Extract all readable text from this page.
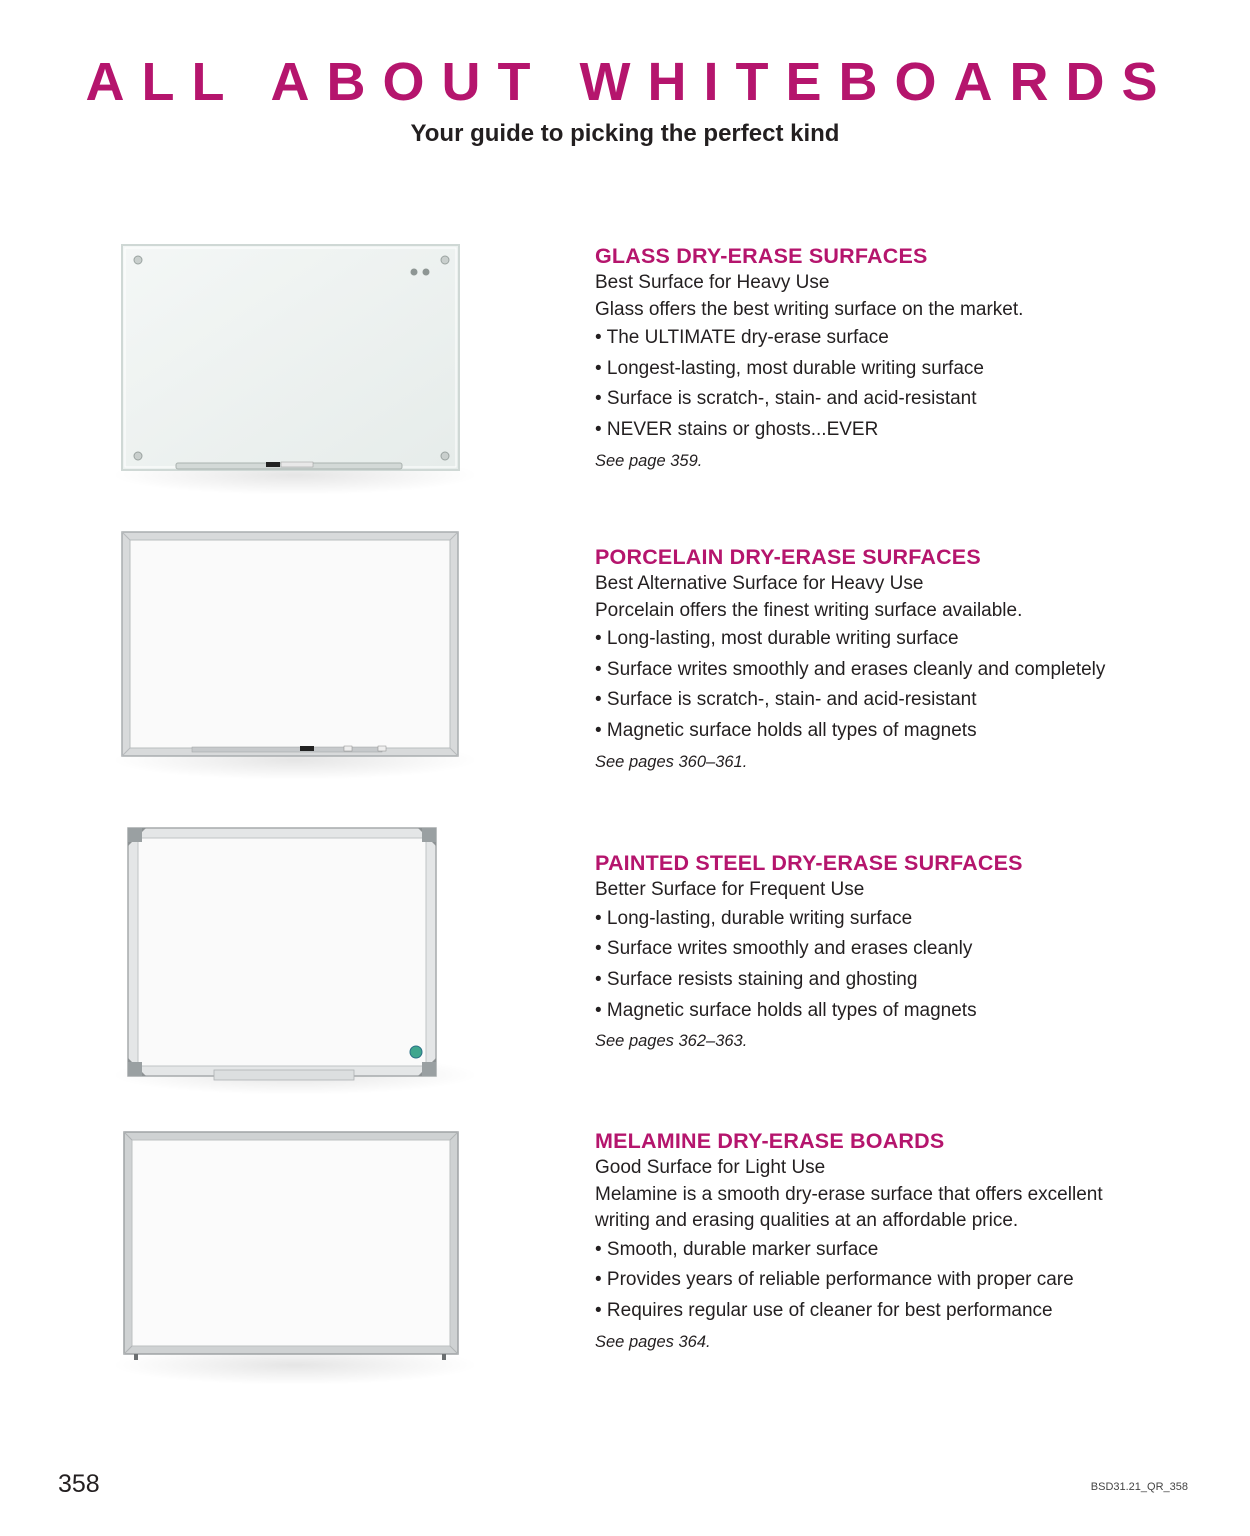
ALL ABOUT WHITEBOARDS
Your guide to picking the perfect kind
GLASS DRY-ERASE SURFACES
Best Surface for Heavy Use
Glass offers the best writing surface on the market.
• The ULTIMATE dry-erase surface
• Longest-lasting, most durable writing surface
• Surface is scratch-, stain- and acid-resistant
• NEVER stains or ghosts...EVER
See page 359.
PORCELAIN DRY-ERASE SURFACES
Best Alternative Surface for Heavy Use
Porcelain offers the finest writing surface available.
• Long-lasting, most durable writing surface
• Surface writes smoothly and erases cleanly and completely
• Surface is scratch-, stain- and acid-resistant
• Magnetic surface holds all types of magnets
See pages 360–361.
PAINTED STEEL DRY-ERASE SURFACES
Better Surface for Frequent Use
• Long-lasting, durable writing surface
• Surface writes smoothly and erases cleanly
• Surface resists staining and ghosting
• Magnetic surface holds all types of magnets
See pages 362–363.
MELAMINE DRY-ERASE BOARDS
Good Surface for Light Use
Melamine is a smooth dry-erase surface that offers excellent
writing and erasing qualities at an affordable price.
• Smooth, durable marker surface
• Provides years of reliable performance with proper care
• Requires regular use of cleaner for best performance
See pages 364.
358	BSD31.21_QR_358
